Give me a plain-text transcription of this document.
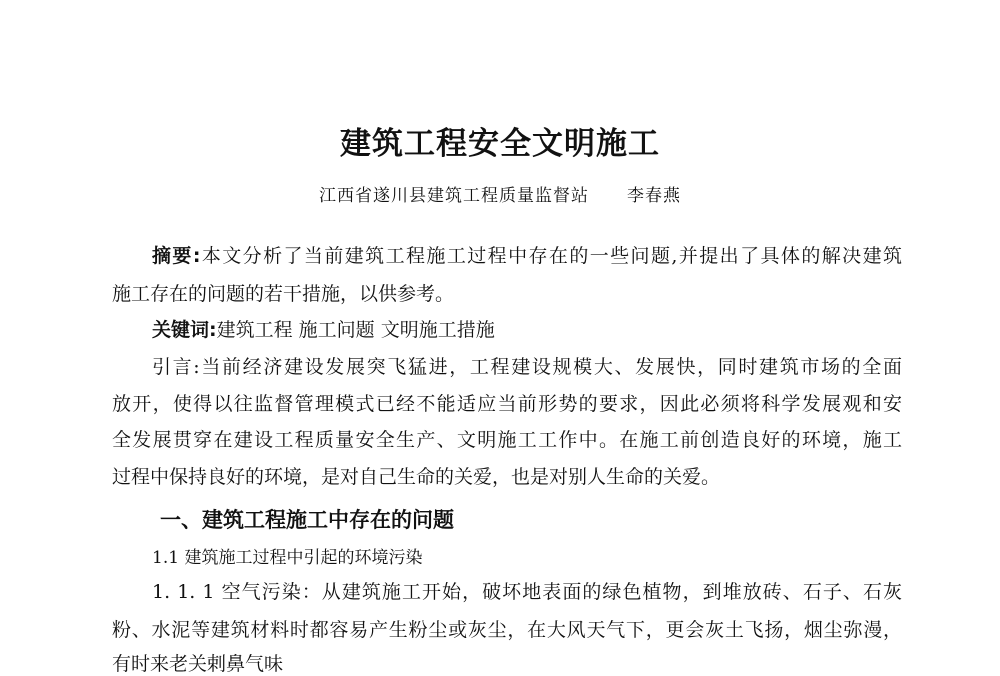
建筑工程安全文明施工
江西省遂川县建筑工程质量监督站 李春燕
摘要:本文分析了当前建筑工程施工过程中存在的一些问题,并提出了具体的解决建筑
施工存在的问题的若干措施，以供参考。
关键词:建筑工程 施工问题 文明施工措施
引言:当前经济建设发展突飞猛进，工程建设规模大、发展快，同时建筑市场的全面
放开，使得以往监督管理模式已经不能适应当前形势的要求，因此必须将科学发展观和安
全发展贯穿在建设工程质量安全生产、文明施工工作中。在施工前创造良好的环境，施工
过程中保持良好的环境，是对自己生命的关爱，也是对别人生命的关爱。
一、建筑工程施工中存在的问题
1.1 建筑施工过程中引起的环境污染
1. 1. 1 空气污染：从建筑施工开始，破坏地表面的绿色植物，到堆放砖、石子、石灰
粉、水泥等建筑材料时都容易产生粉尘或灰尘，在大风天气下，更会灰土飞扬，烟尘弥漫，
有时来老关剌鼻气味
